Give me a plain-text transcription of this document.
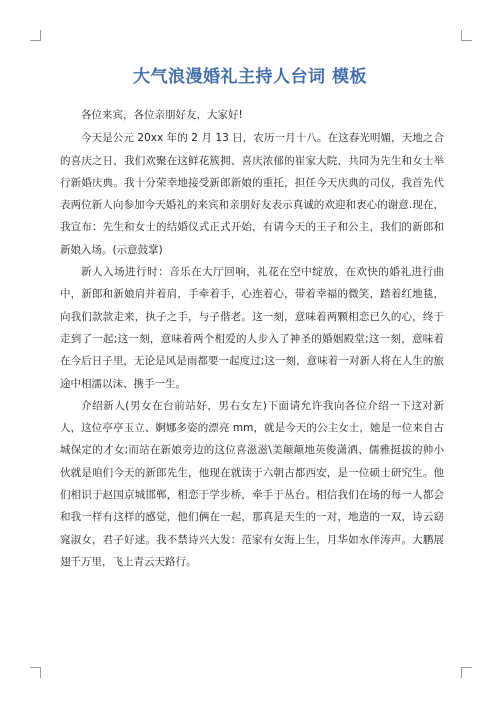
大气浪漫婚礼主持人台词 模板

各位来宾，各位亲朋好友，大家好!

今天是公元 20xx 年的 2 月 13 日，农历一月十八。在这春光明媚，天地之合的喜庆之日，我们欢聚在这鲜花簇拥、喜庆浓郁的崔家大院，共同为先生和女士举行新婚庆典。我十分荣幸地接受新郎新娘的重托，担任今天庆典的司仪，我首先代表两位新人向参加今天婚礼的来宾和亲朋好友表示真诚的欢迎和衷心的谢意.现在，我宣布：先生和女士的结婚仪式正式开始，有请今天的王子和公主，我们的新郎和新娘入场。(示意鼓掌)

新人入场进行时：音乐在大厅回响，礼花在空中绽放，在欢快的婚礼进行曲中，新郎和新娘肩并着肩，手牵着手，心连着心，带着幸福的微笑，踏着红地毯，向我们款款走来，执子之手，与子偕老。这一刻，意味着两颗相恋已久的心，终于走到了一起;这一刻，意味着两个相爱的人步入了神圣的婚姻殿堂;这一刻，意味着在今后日子里，无论是风是雨都要一起度过;这一刻，意味着一对新人将在人生的旅途中相濡以沫、携手一生。

介绍新人(男女在台前站好，男右女左)下面请允许我向各位介绍一下这对新人，这位亭亭玉立、婀娜多姿的漂亮 mm，就是今天的公主女士，她是一位来自古城保定的才女;而站在新娘旁边的这位喜滋滋\美颠颠地英俊潇洒、儒雅挺拔的帅小伙就是咱们今天的新郎先生，他现在就读于六朝古都西安，是一位硕士研究生。他们相识于赵国京城邯郸，相恋于学步桥，牵手于丛台。相信我们在场的每一人都会和我一样有这样的感觉，他们俩在一起，那真是天生的一对，地造的一双，诗云窈窕淑女，君子好逑。我不禁诗兴大发：范家有女海上生，月华如水伴涛声。大鹏展翅千万里，飞上青云天路行。
